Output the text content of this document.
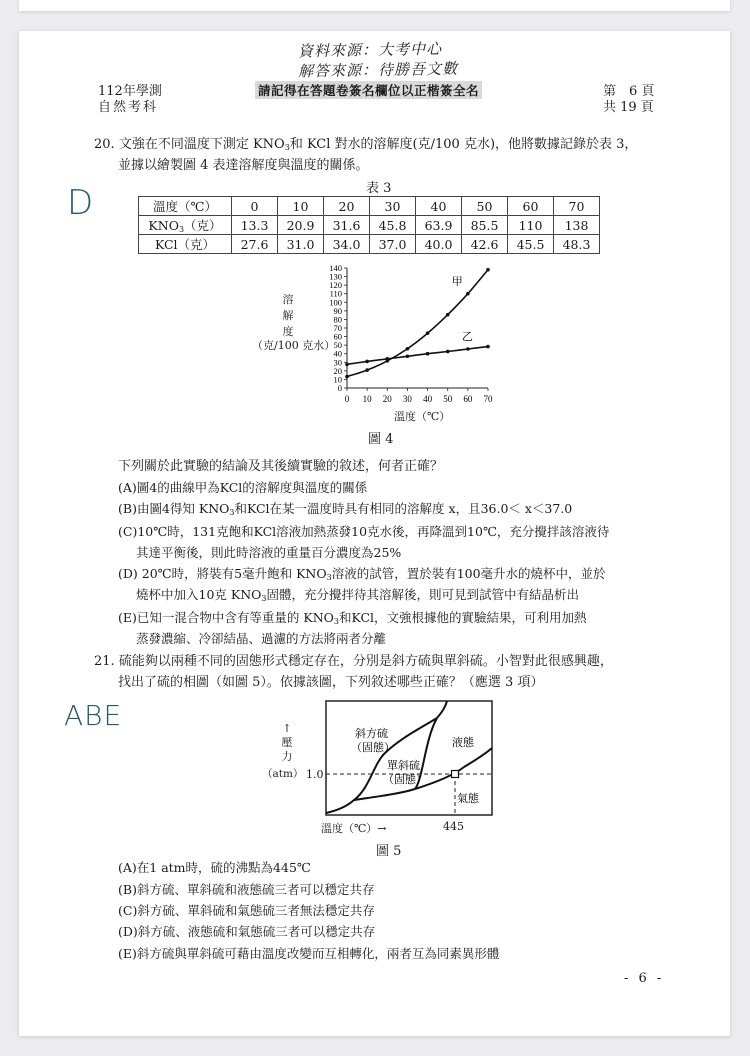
資料來源：大考中心
解答來源：待勝吾文數
112年學測
自然考科
請記得在答題卷簽名欄位以正楷簽全名	第　6 頁
共 19 頁
20. 文強在不同溫度下測定 $KNO_3$和 KCl 對水的溶解度(克/100 克水)，他將數據記錄於表 3，
並據以繪製圖 4 表達溶解度與溫度的關係。
D	表 3
溫度（℃）	0	10	20	30	40	50	60	70
$KNO_3$（克）	13.3	20.9	31.6	45.8	63.9	85.5	110	138
KCl（克）	27.6	31.0	34.0	37.0	40.0	42.6	45.5	48.3
0
10
20
30
40
50
60
70
80
90
100
110
120
130
140
0 10 20 30 40 50 60 70
甲
乙
溶
解
度
（克/100 克水）
溫度（℃）
圖 4
下列關於此實驗的結論及其後續實驗的敘述，何者正確？
(A)圖4的曲線甲為KCl的溶解度與溫度的關係
(B)由圖4得知 $KNO_3$和KCl在某一溫度時具有相同的溶解度 x，且36.0＜ x＜37.0
(C)10℃時，131克飽和KCl溶液加熱蒸發10克水後，再降溫到10℃，充分攪拌該溶液待
其達平衡後，則此時溶液的重量百分濃度為25%
(D) 20℃時，將裝有5毫升飽和 $KNO_3$溶液的試管，置於裝有100毫升水的燒杯中，並於
燒杯中加入10克 $KNO_3$固體，充分攪拌待其溶解後，則可見到試管中有結晶析出
(E)已知一混合物中含有等重量的 $KNO_3$和KCl，文強根據他的實驗結果，可利用加熱
蒸發濃縮、冷卻結晶、過濾的方法將兩者分離
21. 硫能夠以兩種不同的固態形式穩定存在，分別是斜方硫與單斜硫。小智對此很感興趣，
找出了硫的相圖（如圖 5）。依據該圖，下列敘述哪些正確？（應選 3 項）
ABE
斜方硫
（固態）
單斜硫
（固態）
液態
氣態
↑
壓
力
（atm） 1.0
溫度（℃）→	445
圖 5
(A)在1 atm時，硫的沸點為445℃
(B)斜方硫、單斜硫和液態硫三者可以穩定共存
(C)斜方硫、單斜硫和氣態硫三者無法穩定共存
(D)斜方硫、液態硫和氣態硫三者可以穩定共存
(E)斜方硫與單斜硫可藉由溫度改變而互相轉化，兩者互為同素異形體
- 6 -
